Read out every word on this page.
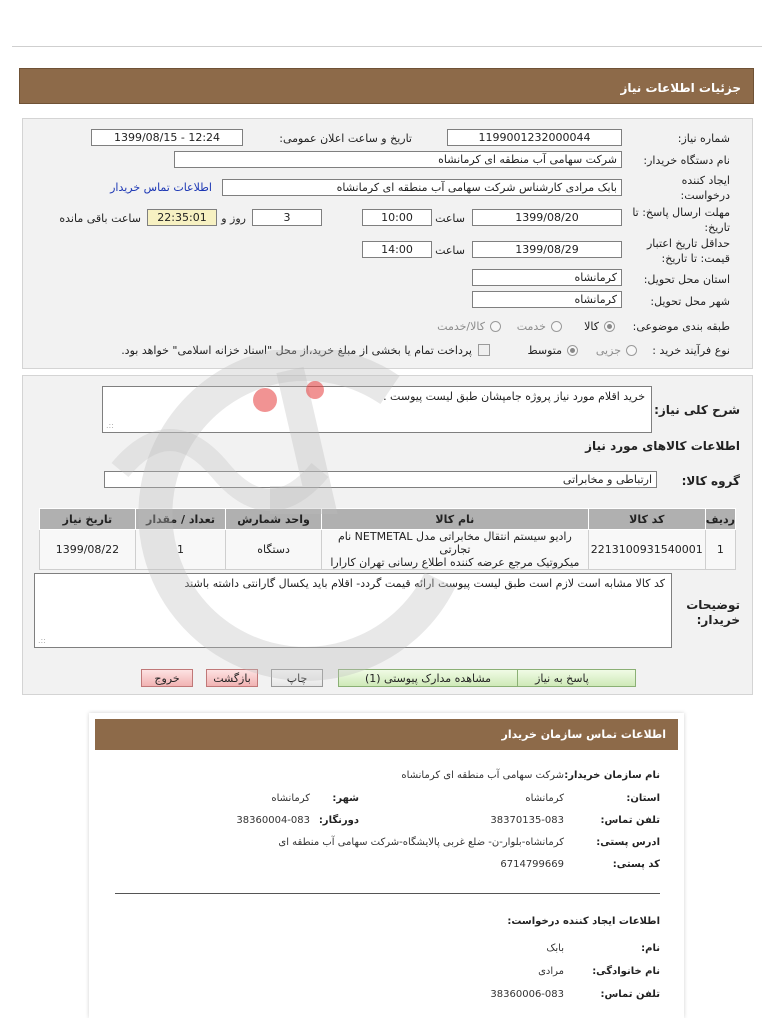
جزئیات اطلاعات نیاز
شماره نیاز:
1199001232000044
تاریخ و ساعت اعلان عمومی:
1399/08/15 - 12:24
نام دستگاه خریدار:
شرکت سهامی آب منطقه ای کرمانشاه
ایجاد کننده
درخواست:
بابک مرادی کارشناس شرکت سهامی آب منطقه ای کرمانشاه
اطلاعات تماس خریدار
مهلت ارسال پاسخ: تا
تاریخ:
1399/08/20
ساعت
10:00
3
روز و
22:35:01
ساعت باقی مانده
حداقل تاریخ اعتبار
قیمت: تا تاریخ:
1399/08/29
ساعت
14:00
استان محل تحویل:
کرمانشاه
شهر محل تحویل:
کرمانشاه
طبقه بندی موضوعی:
کالا
خدمت
کالا/خدمت
نوع فرآیند خرید :
جزیی
متوسط
پرداخت تمام یا بخشی از مبلغ خرید،از محل "اسناد خزانه اسلامی" خواهد بود.
شرح کلی نیاز:
خرید اقلام مورد نیاز پروژه جامپشان طبق لیست پیوست .
.::
اطلاعات کالاهای مورد نیاز
گروه کالا:
ارتباطی و مخابراتی
ردیف	کد کالا	نام کالا	واحد شمارش	تعداد / مقدار	تاریخ نیاز
1	2213100931540001	رادیو سیستم انتقال مخابراتی مدل NETMETAL نام تجارتی
میکروتیک مرجع عرضه کننده اطلاع رسانی تهران کارارا	دستگاه	1	1399/08/22
توضیحات
خریدار:
کد کالا مشابه است لازم است طبق لیست پیوست ارائه قیمت گردد- اقلام باید یکسال گارانتی داشته باشند
.::
پاسخ به نیاز
مشاهده مدارک پیوستی (1)
چاپ
بازگشت
خروج
اطلاعات تماس سازمان خریدار
نام سازمان خریدار:
شرکت سهامی آب منطقه ای کرمانشاه
استان:
کرمانشاه
شهر:
کرمانشاه
تلفن تماس:
38370135-083
دورنگار:
38360004-083
ادرس پستی:
کرمانشاه-بلوار-ن- ضلع غربی پالایشگاه-شرکت سهامی آب منطقه ای
کد پستی:
6714799669
اطلاعات ایجاد کننده درخواست:
نام:
بابک
نام خانوادگی:
مرادی
تلفن تماس:
38360006-083
